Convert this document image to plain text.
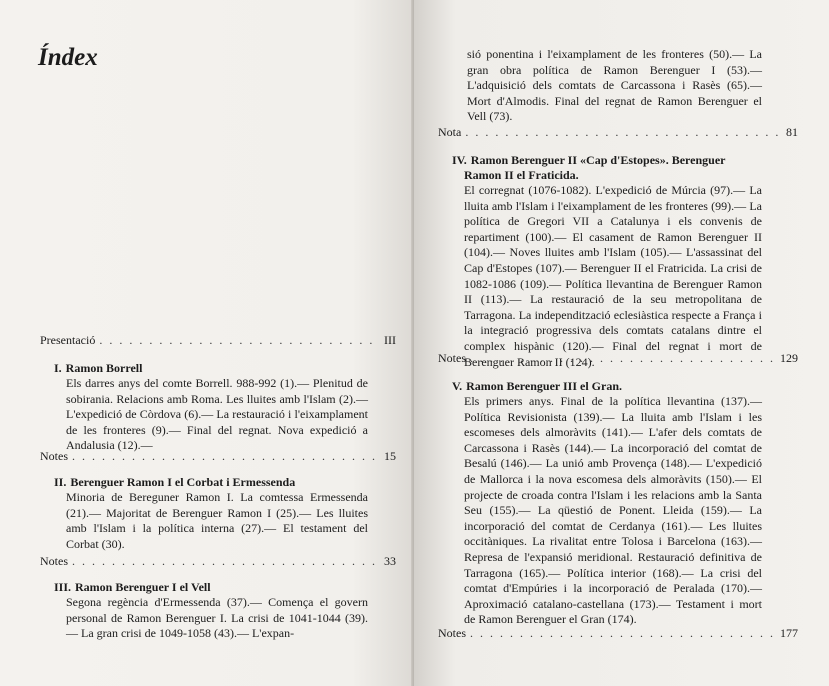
Índex
Presentació . . .	III

I. Ramon Borrell

Els darres anys del comte Borrell. 988-992 (1).— Plenitud de sobirania. Relacions amb Roma. Les lluites amb l'Islam (2).— L'expedició de Còrdova (6).— La restauració i l'eixamplament de les fronteres (9).— Final del regnat. Nova expedició a Andalusia (12).—

Notes . . .	15

II. Berenguer Ramon I el Corbat i Ermessenda

Minoria de Bereguner Ramon I. La comtessa Ermessenda (21).— Majoritat de Berenguer Ramon I (25).— Les lluites amb l'Islam i la política interna (27).— El testament del Corbat (30).

Notes . . .	33

III. Ramon Berenguer I el Vell

Segona regència d'Ermessenda (37).— Comença el govern personal de Ramon Berenguer I. La crisi de 1041-1044 (39).— La gran crisi de 1049-1058 (43).— L'expan-

sió ponentina i l'eixamplament de les fronteres (50).— La gran obra política de Ramon Berenguer I (53).— L'adquisició dels comtats de Carcassona i Rasès (65).— Mort d'Almodis. Final del regnat de Ramon Berenguer el Vell (73).

Nota . . .	81

IV. Ramon Berenguer II «Cap d'Estopes». Berenguer Ramon II el Fraticida.

El corregnat (1076-1082). L'expedició de Múrcia (97).— La lluita amb l'Islam i l'eixamplament de les fronteres (99).— La política de Gregori VII a Catalunya i els convenis de repartiment (100).— El casament de Ramon Berenguer II (104).— Noves lluites amb l'Islam (105).— L'assassinat del Cap d'Estopes (107).— Berenguer II el Fratricida. La crisi de 1082-1086 (109).— Política llevantina de Berenguer Ramon II (113).— La restauració de la seu metropolitana de Tarragona. La independització eclesiàstica respecte a França i la integració progressiva dels comtats catalans dintre el complex hispànic (120).— Final del regnat i mort de Berenguer Ramon II (124).

Notes . . .	129

V. Ramon Berenguer III el Gran.

Els primers anys. Final de la política llevantina (137).— Política Revisionista (139).— La lluita amb l'Islam i les escomeses dels almoràvits (141).— L'afer dels comtats de Carcassona i Rasès (144).— La incorporació del comtat de Besalú (146).— La unió amb Provença (148).— L'expedició de Mallorca i la nova escomesa dels almoràvits (150).— El projecte de croada contra l'Islam i les relacions amb la Santa Seu (155).— La qüestió de Ponent. Lleida (159).— La incorporació del comtat de Cerdanya (161).— Les lluites occitàniques. La rivalitat entre Tolosa i Barcelona (163).— Represa de l'expansió meridional. Restauració definitiva de Tarragona (165).— Política interior (168).— La crisi del comtat d'Empúries i la incorporació de Peralada (170).— Aproximació catalano-castellana (173).— Testament i mort de Ramon Berenguer el Gran (174).

Notes . . .	177
